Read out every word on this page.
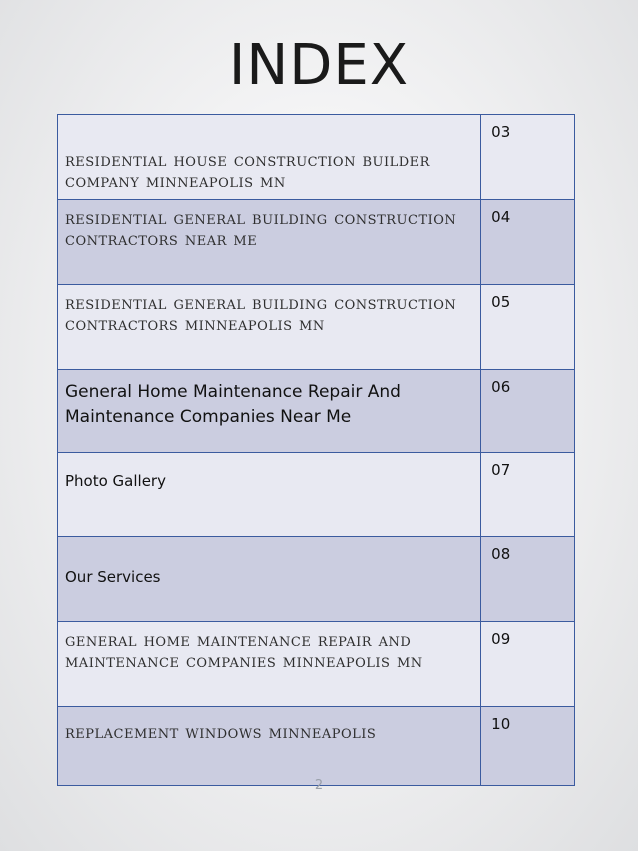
INDEX
residential house construction builder company minneapolis mn	03

residential general building construction contractors near me	04

residential general building construction contractors minneapolis mn	05

General Home Maintenance Repair And Maintenance Companies Near Me	06

Photo Gallery	07

Our Services	08

general home maintenance repair and maintenance companies minneapolis mn	09

replacement windows minneapolis	10
2
